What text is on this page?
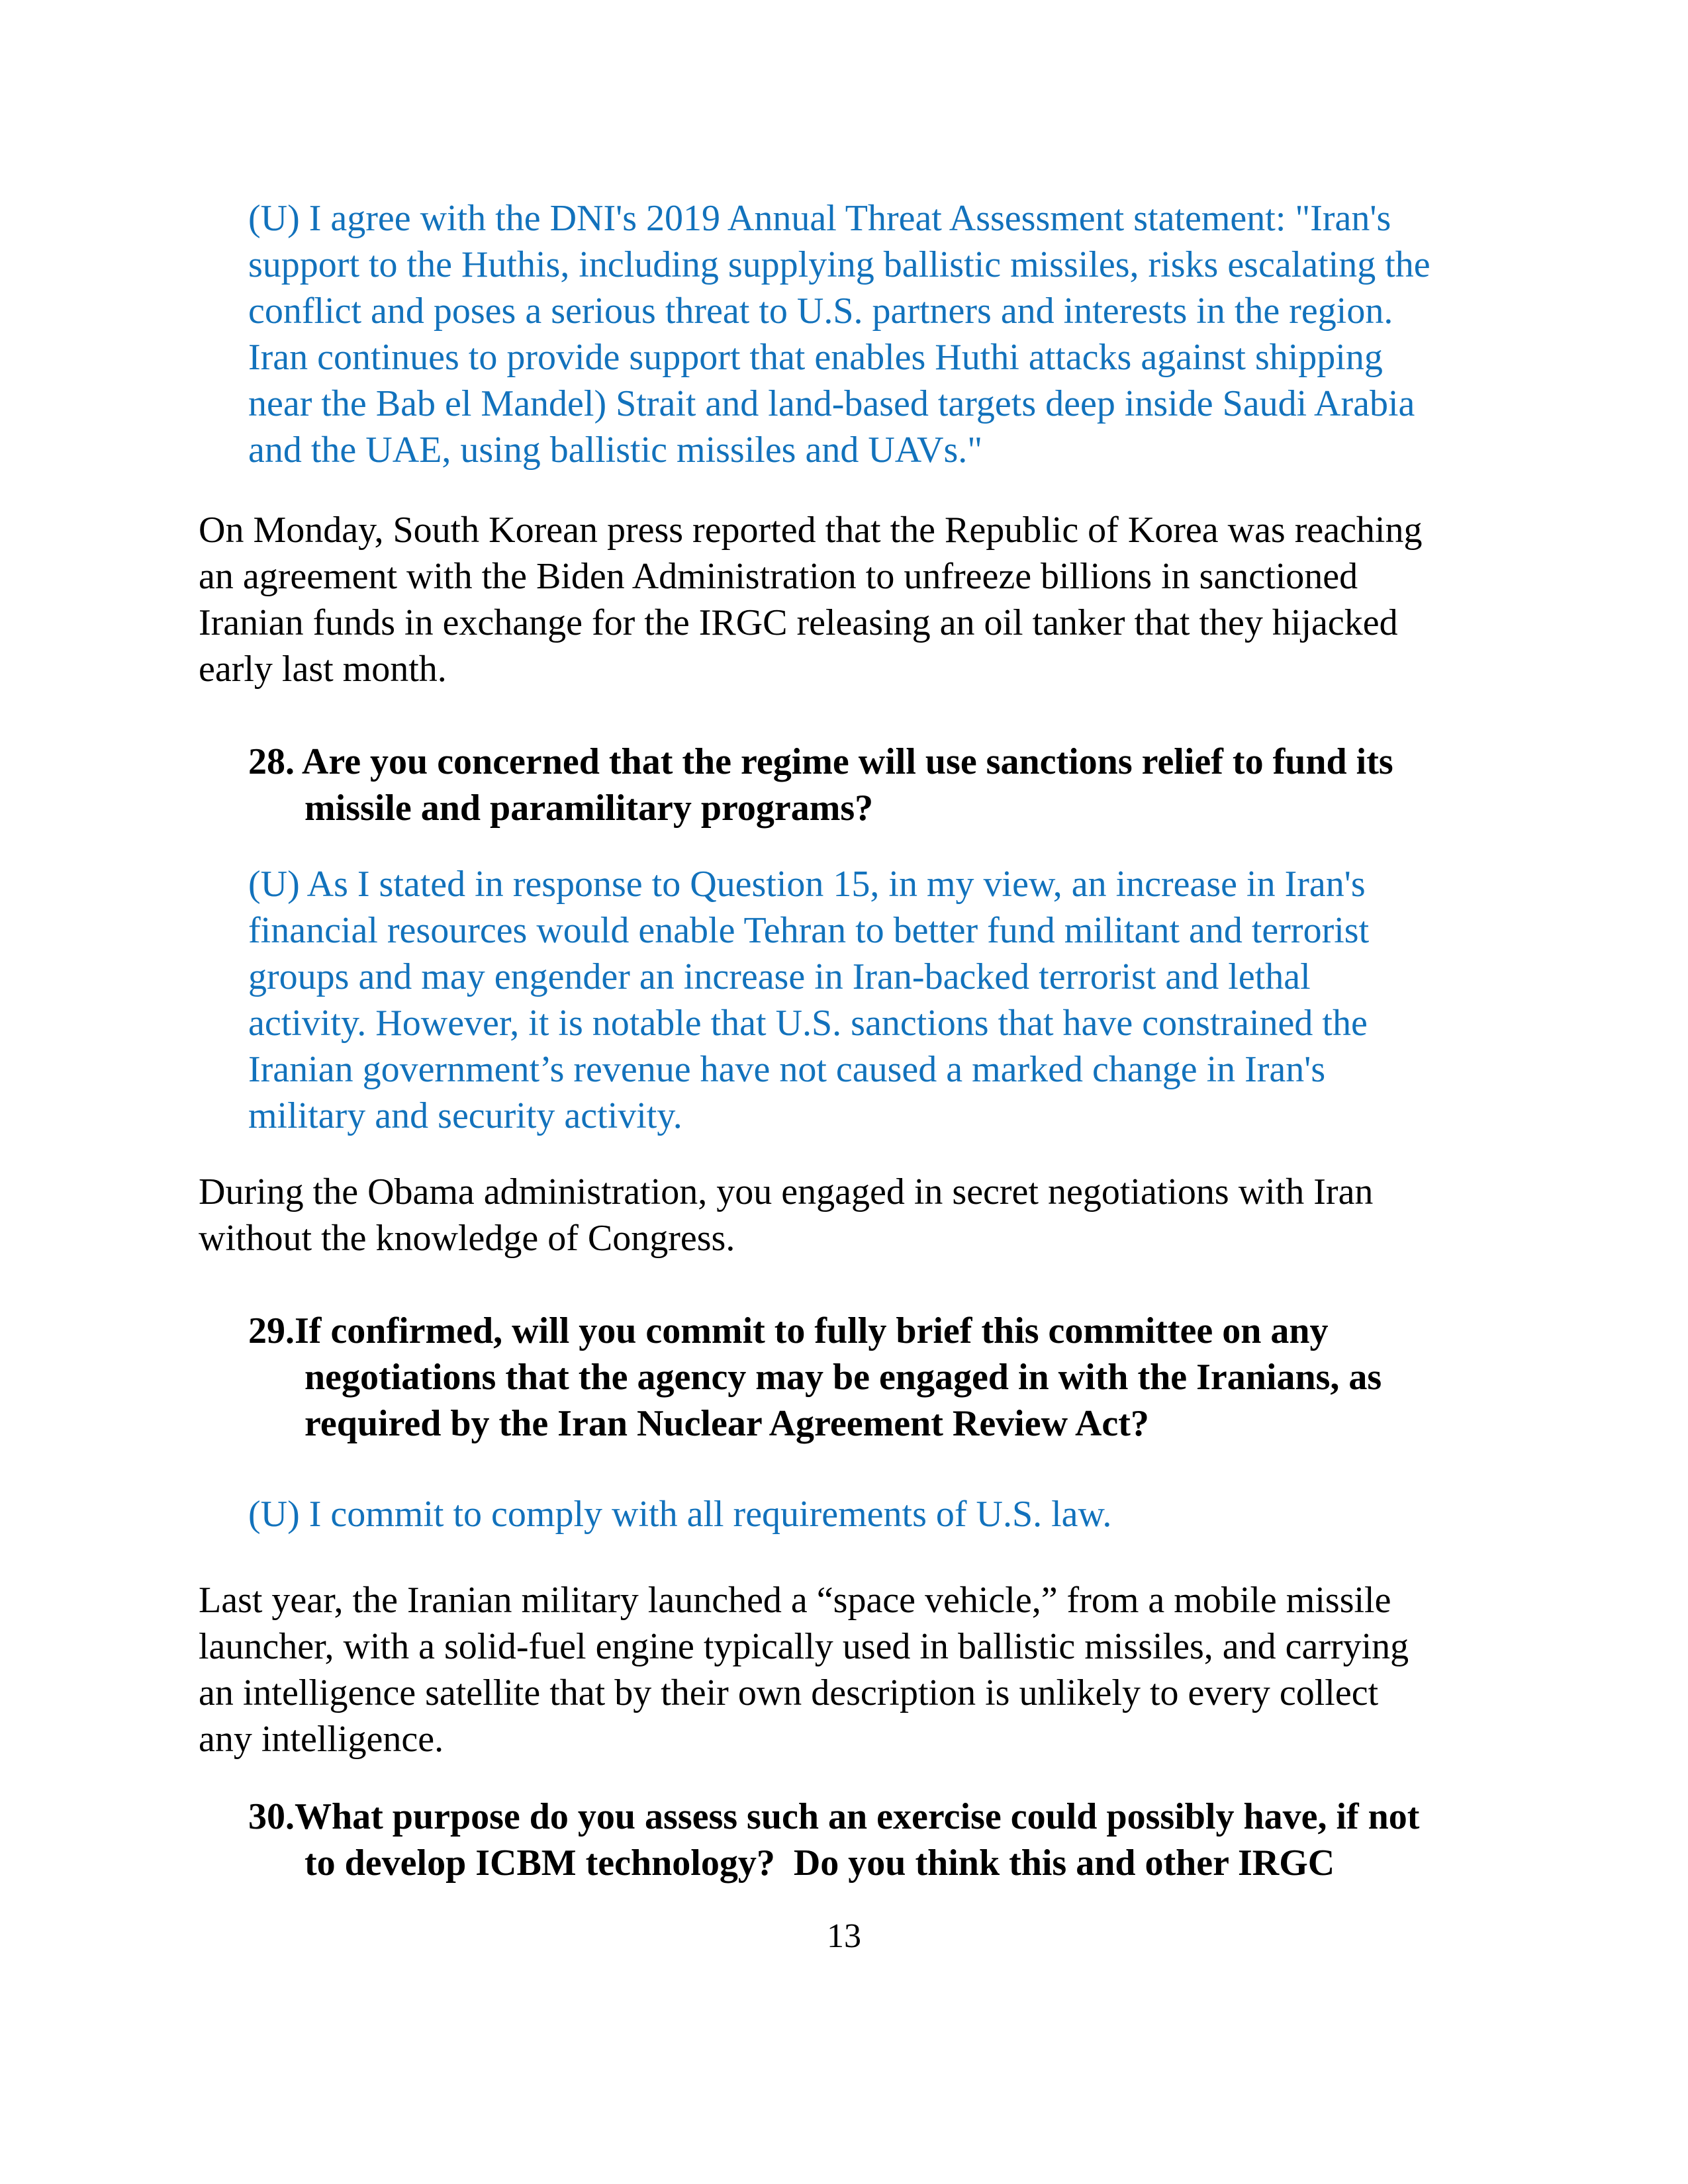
(U) I agree with the DNI's 2019 Annual Threat Assessment statement: "Iran's
support to the Huthis, including supplying ballistic missiles, risks escalating the
conflict and poses a serious threat to U.S. partners and interests in the region.
Iran continues to provide support that enables Huthi attacks against shipping
near the Bab el Mandel) Strait and land-based targets deep inside Saudi Arabia
and the UAE, using ballistic missiles and UAVs."
On Monday, South Korean press reported that the Republic of Korea was reaching
an agreement with the Biden Administration to unfreeze billions in sanctioned
Iranian funds in exchange for the IRGC releasing an oil tanker that they hijacked
early last month.
28. Are you concerned that the regime will use sanctions relief to fund its
missile and paramilitary programs?
(U) As I stated in response to Question 15, in my view, an increase in Iran's
financial resources would enable Tehran to better fund militant and terrorist
groups and may engender an increase in Iran-backed terrorist and lethal
activity. However, it is notable that U.S. sanctions that have constrained the
Iranian government’s revenue have not caused a marked change in Iran's
military and security activity.
During the Obama administration, you engaged in secret negotiations with Iran
without the knowledge of Congress.
29.If confirmed, will you commit to fully brief this committee on any
negotiations that the agency may be engaged in with the Iranians, as
required by the Iran Nuclear Agreement Review Act?
(U) I commit to comply with all requirements of U.S. law.
Last year, the Iranian military launched a “space vehicle,” from a mobile missile
launcher, with a solid-fuel engine typically used in ballistic missiles, and carrying
an intelligence satellite that by their own description is unlikely to every collect
any intelligence.
30.What purpose do you assess such an exercise could possibly have, if not
to develop ICBM technology?  Do you think this and other IRGC
13
